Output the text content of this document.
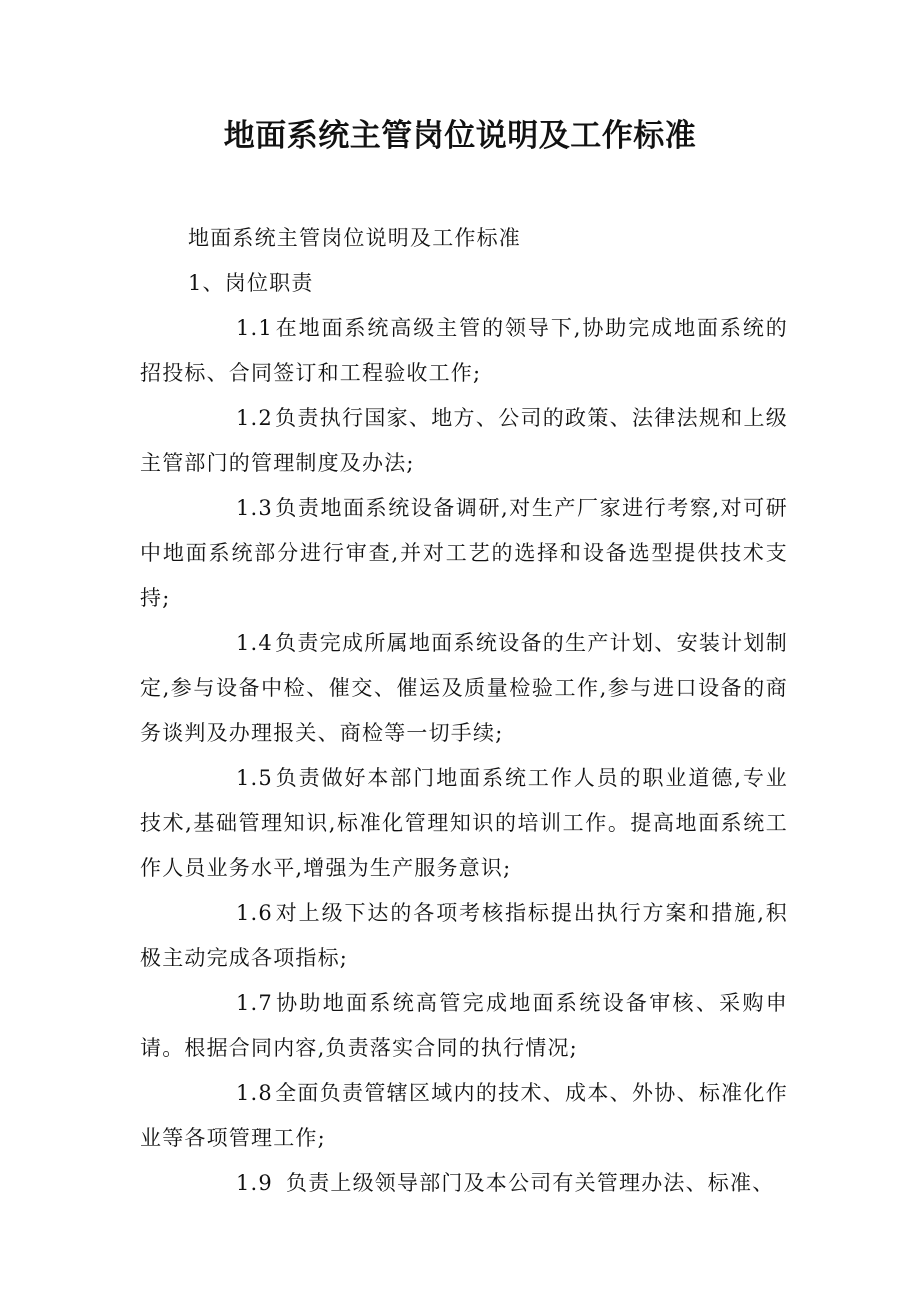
地面系统主管岗位说明及工作标准

地面系统主管岗位说明及工作标准

1、岗位职责

1.1在地面系统高级主管的领导下,协助完成地面系统的招投标、合同签订和工程验收工作;

1.2负责执行国家、地方、公司的政策、法律法规和上级主管部门的管理制度及办法;

1.3负责地面系统设备调研,对生产厂家进行考察,对可研中地面系统部分进行审查,并对工艺的选择和设备选型提供技术支持;

1.4负责完成所属地面系统设备的生产计划、安装计划制定,参与设备中检、催交、催运及质量检验工作,参与进口设备的商务谈判及办理报关、商检等一切手续;

1.5负责做好本部门地面系统工作人员的职业道德,专业技术,基础管理知识,标准化管理知识的培训工作。提高地面系统工作人员业务水平,增强为生产服务意识;

1.6对上级下达的各项考核指标提出执行方案和措施,积极主动完成各项指标;

1.7协助地面系统高管完成地面系统设备审核、采购申请。根据合同内容,负责落实合同的执行情况;

1.8全面负责管辖区域内的技术、成本、外协、标准化作业等各项管理工作;

1.9 负责上级领导部门及本公司有关管理办法、标准、
